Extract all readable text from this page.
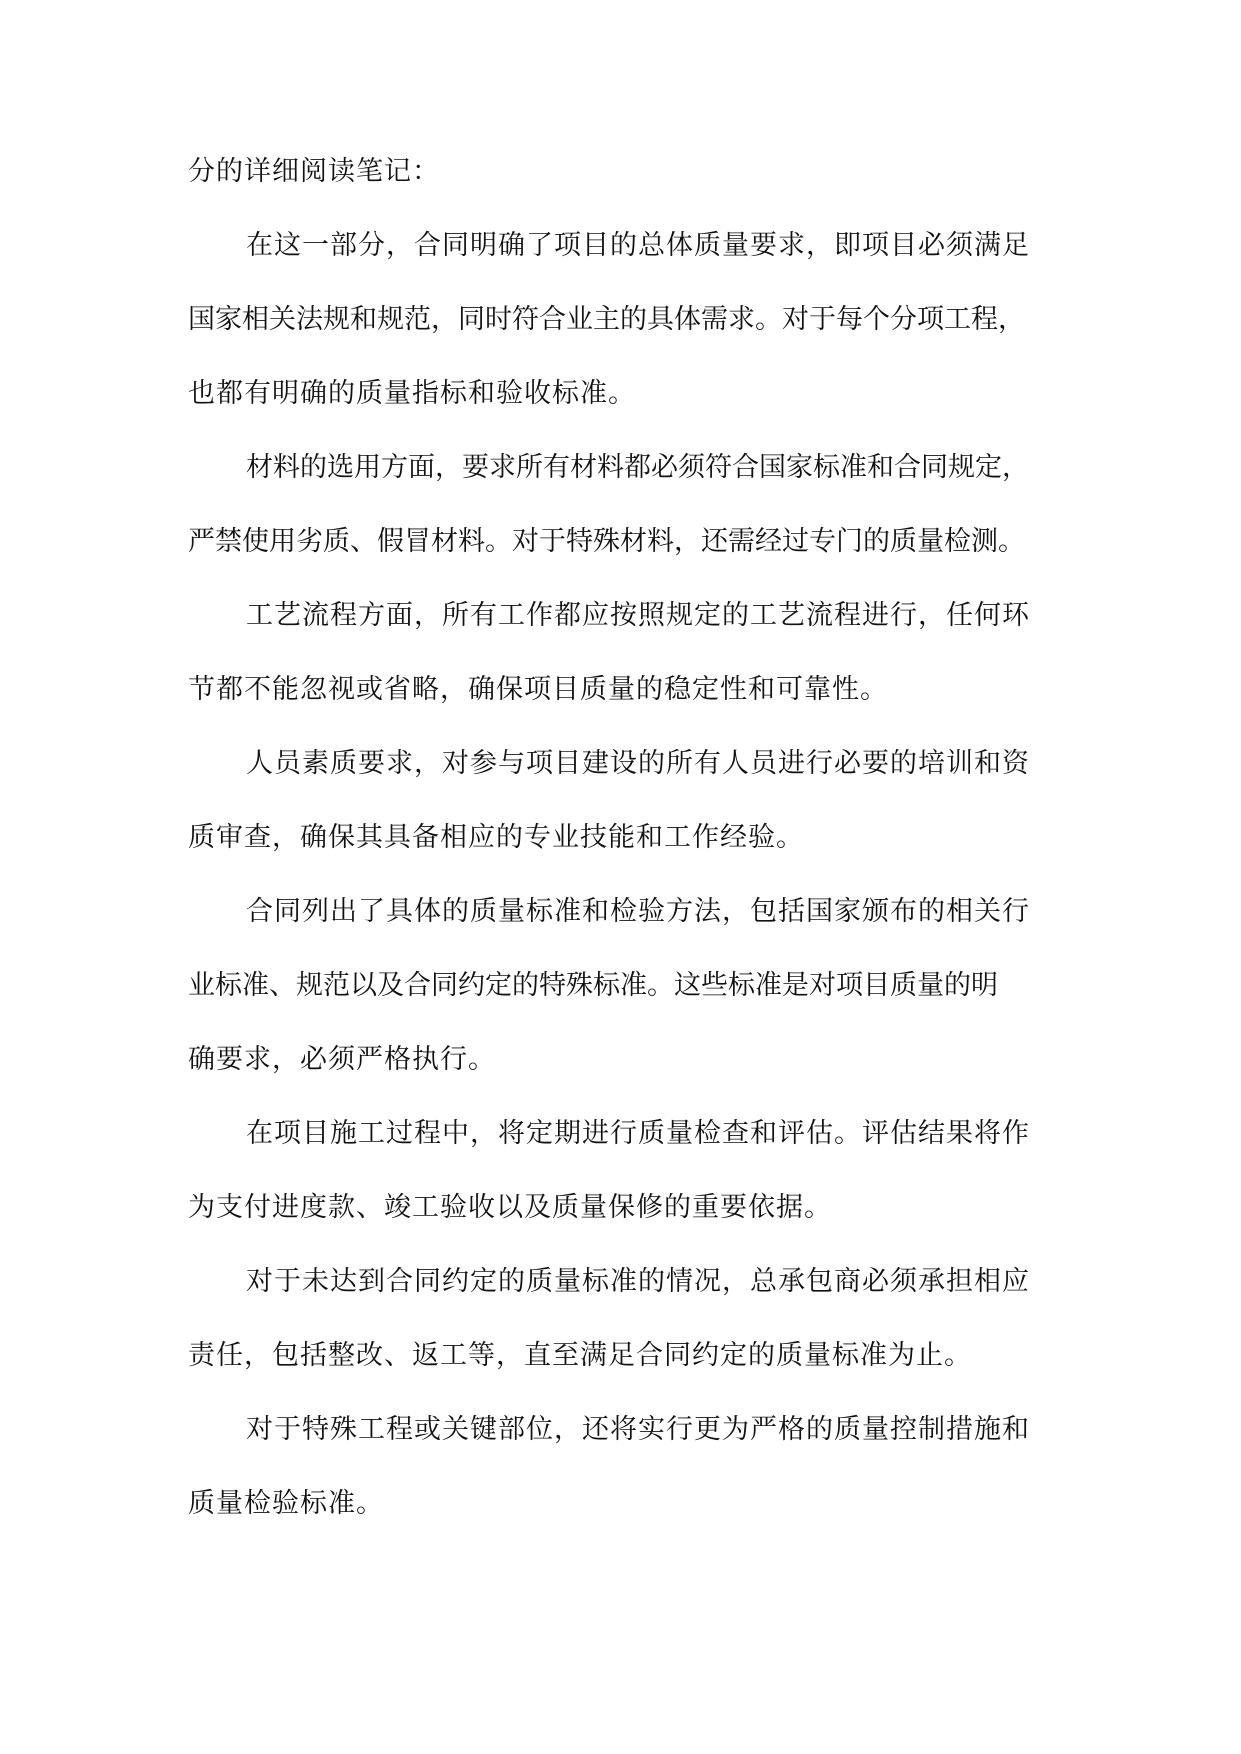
分的详细阅读笔记：
在这一部分，合同明确了项目的总体质量要求，即项目必须满足
国家相关法规和规范，同时符合业主的具体需求。对于每个分项工程，
也都有明确的质量指标和验收标准。
材料的选用方面，要求所有材料都必须符合国家标准和合同规定，
严禁使用劣质、假冒材料。对于特殊材料，还需经过专门的质量检测。
工艺流程方面，所有工作都应按照规定的工艺流程进行，任何环
节都不能忽视或省略，确保项目质量的稳定性和可靠性。
人员素质要求，对参与项目建设的所有人员进行必要的培训和资
质审查，确保其具备相应的专业技能和工作经验。
合同列出了具体的质量标准和检验方法，包括国家颁布的相关行
业标准、规范以及合同约定的特殊标准。这些标准是对项目质量的明
确要求，必须严格执行。
在项目施工过程中，将定期进行质量检查和评估。评估结果将作
为支付进度款、竣工验收以及质量保修的重要依据。
对于未达到合同约定的质量标准的情况，总承包商必须承担相应
责任，包括整改、返工等，直至满足合同约定的质量标准为止。
对于特殊工程或关键部位，还将实行更为严格的质量控制措施和
质量检验标准。
